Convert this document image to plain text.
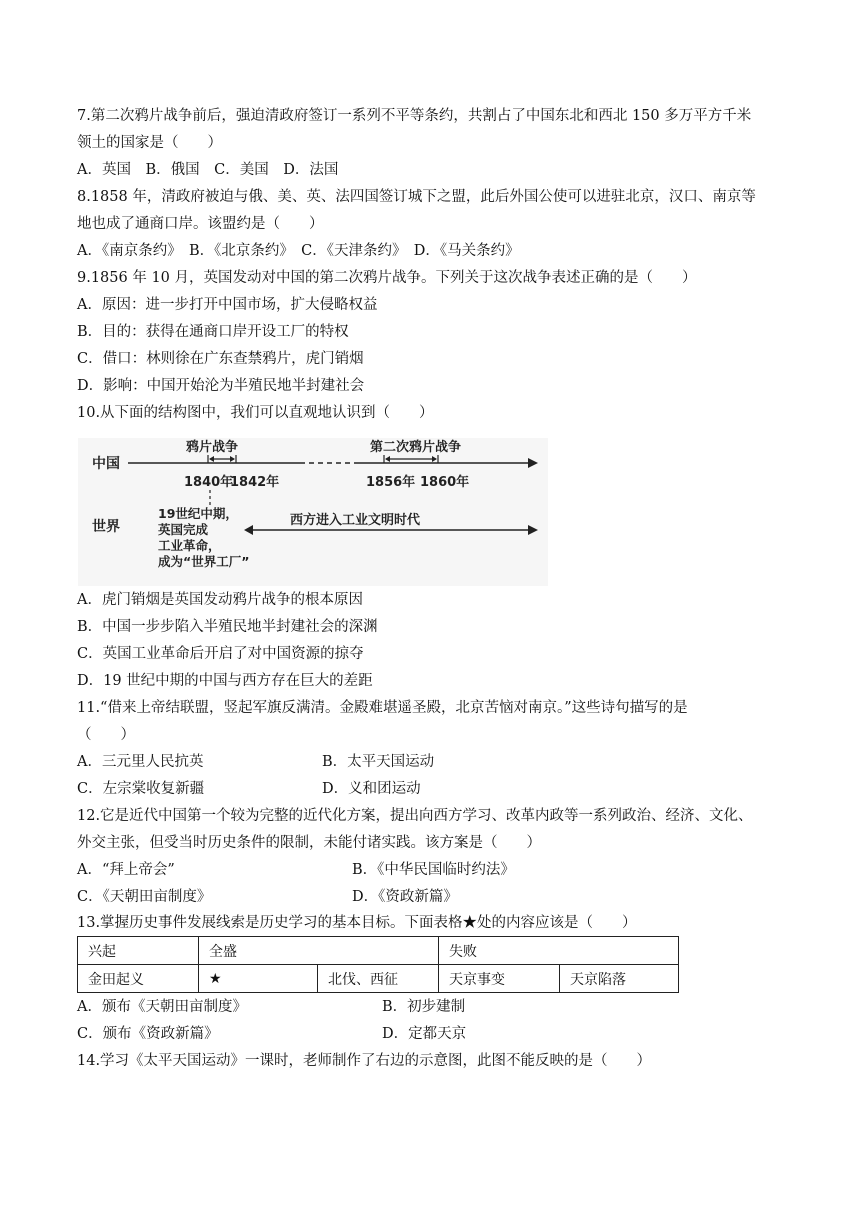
7.第二次鸦片战争前后，强迫清政府签订一系列不平等条约，共割占了中国东北和西北 150 多万平方千米
领土的国家是（　　）
A．英国　B．俄国　C．美国　D．法国
8.1858 年，清政府被迫与俄、美、英、法四国签订城下之盟，此后外国公使可以进驻北京，汉口、南京等
地也成了通商口岸。该盟约是（　　）
A．《南京条约》　B．《北京条约》　C．《天津条约》　D．《马关条约》
9.1856 年 10 月，英国发动对中国的第二次鸦片战争。下列关于这次战争表述正确的是（　　）
A．原因：进一步打开中国市场，扩大侵略权益
B．目的：获得在通商口岸开设工厂的特权
C．借口：林则徐在广东查禁鸦片，虎门销烟
D．影响：中国开始沦为半殖民地半封建社会
10.从下面的结构图中，我们可以直观地认识到（　　）
中国
鸦片战争
1840年
1842年
第二次鸦片战争
1856年 1860年
世界
19世纪中期，
英国完成
工业革命，
成为“世界工厂”
西方进入工业文明时代
A．虎门销烟是英国发动鸦片战争的根本原因
B．中国一步步陷入半殖民地半封建社会的深渊
C．英国工业革命后开启了对中国资源的掠夺
D．19 世纪中期的中国与西方存在巨大的差距
11.“借来上帝结联盟，竖起军旗反满清。金殿难堪遥圣殿，北京苦恼对南京。”这些诗句描写的是
（　　）
A．三元里人民抗英	B．太平天国运动
C．左宗棠收复新疆	D．义和团运动
12.它是近代中国第一个较为完整的近代化方案，提出向西方学习、改革内政等一系列政治、经济、文化、
外交主张，但受当时历史条件的限制，未能付诸实践。该方案是（　　）
A．“拜上帝会”	B．《中华民国临时约法》
C．《天朝田亩制度》	D．《资政新篇》
13.掌握历史事件发展线索是历史学习的基本目标。下面表格★处的内容应该是（　　）
兴起	全盛		失败	
金田起义	★	北伐、西征	天京事变	天京陷落
A．颁布《天朝田亩制度》	B．初步建制
C．颁布《资政新篇》	D．定都天京
14.学习《太平天国运动》一课时，老师制作了右边的示意图，此图不能反映的是（　　）
